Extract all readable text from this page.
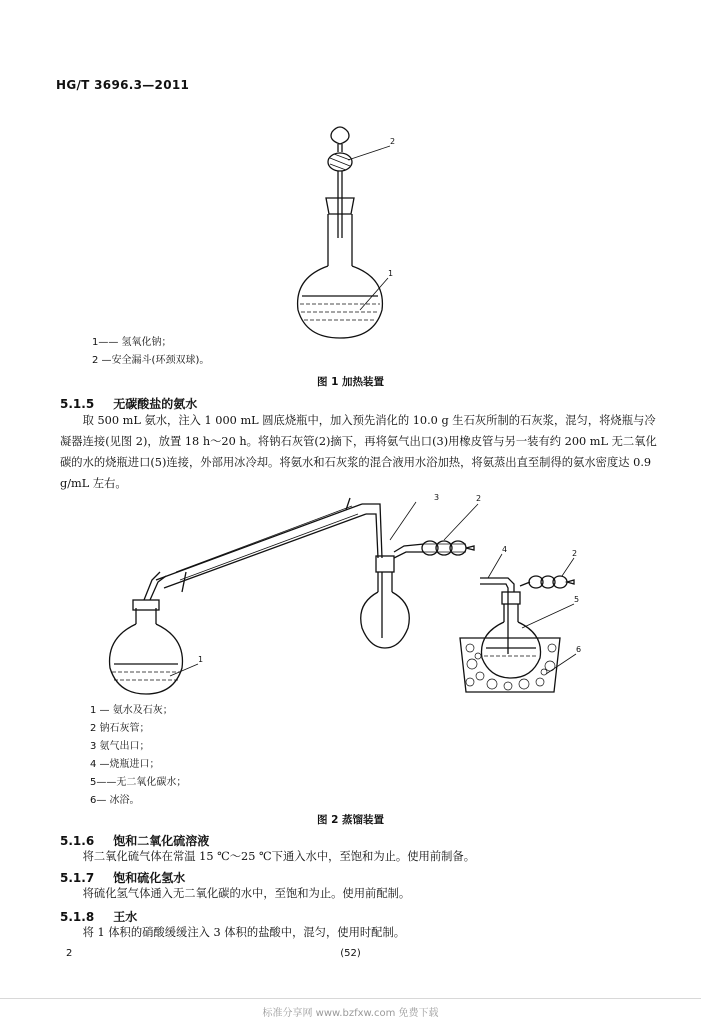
HG/T 3696.3—2011
2
1
1—— 氢氧化钠；
2 —安全漏斗(环颈双球)。
图 1 加热装置
5.1.5 无碳酸盐的氨水
取 500 mL 氨水，注入 1 000 mL 圆底烧瓶中，加入预先消化的 10.0 g 生石灰所制的石灰浆，混匀，将烧瓶与冷凝器连接(见图 2)，放置 18 h～20 h。将钠石灰管(2)摘下，再将氨气出口(3)用橡皮管与另一装有约 200 mL 无二氧化碳的水的烧瓶进口(5)连接，外部用冰冷却。将氨水和石灰浆的混合液用水浴加热，将氨蒸出直至制得的氨水密度达 0.9 g/mL 左右。
3	2
4	2
5
6
1
1 — 氨水及石灰；
2 钠石灰管；
3 氨气出口；
4 —烧瓶进口；
5——无二氧化碳水；
6— 冰浴。
图 2 蒸馏装置
5.1.6 饱和二氧化硫溶液
将二氧化硫气体在常温 15 ℃～25 ℃下通入水中，至饱和为止。使用前制备。
5.1.7 饱和硫化氢水
将硫化氢气体通入无二氧化碳的水中，至饱和为止。使用前配制。
5.1.8 王水
将 1 体积的硝酸缓缓注入 3 体积的盐酸中，混匀，使用时配制。
2	(52)
标准分享网 www.bzfxw.com 免费下载
